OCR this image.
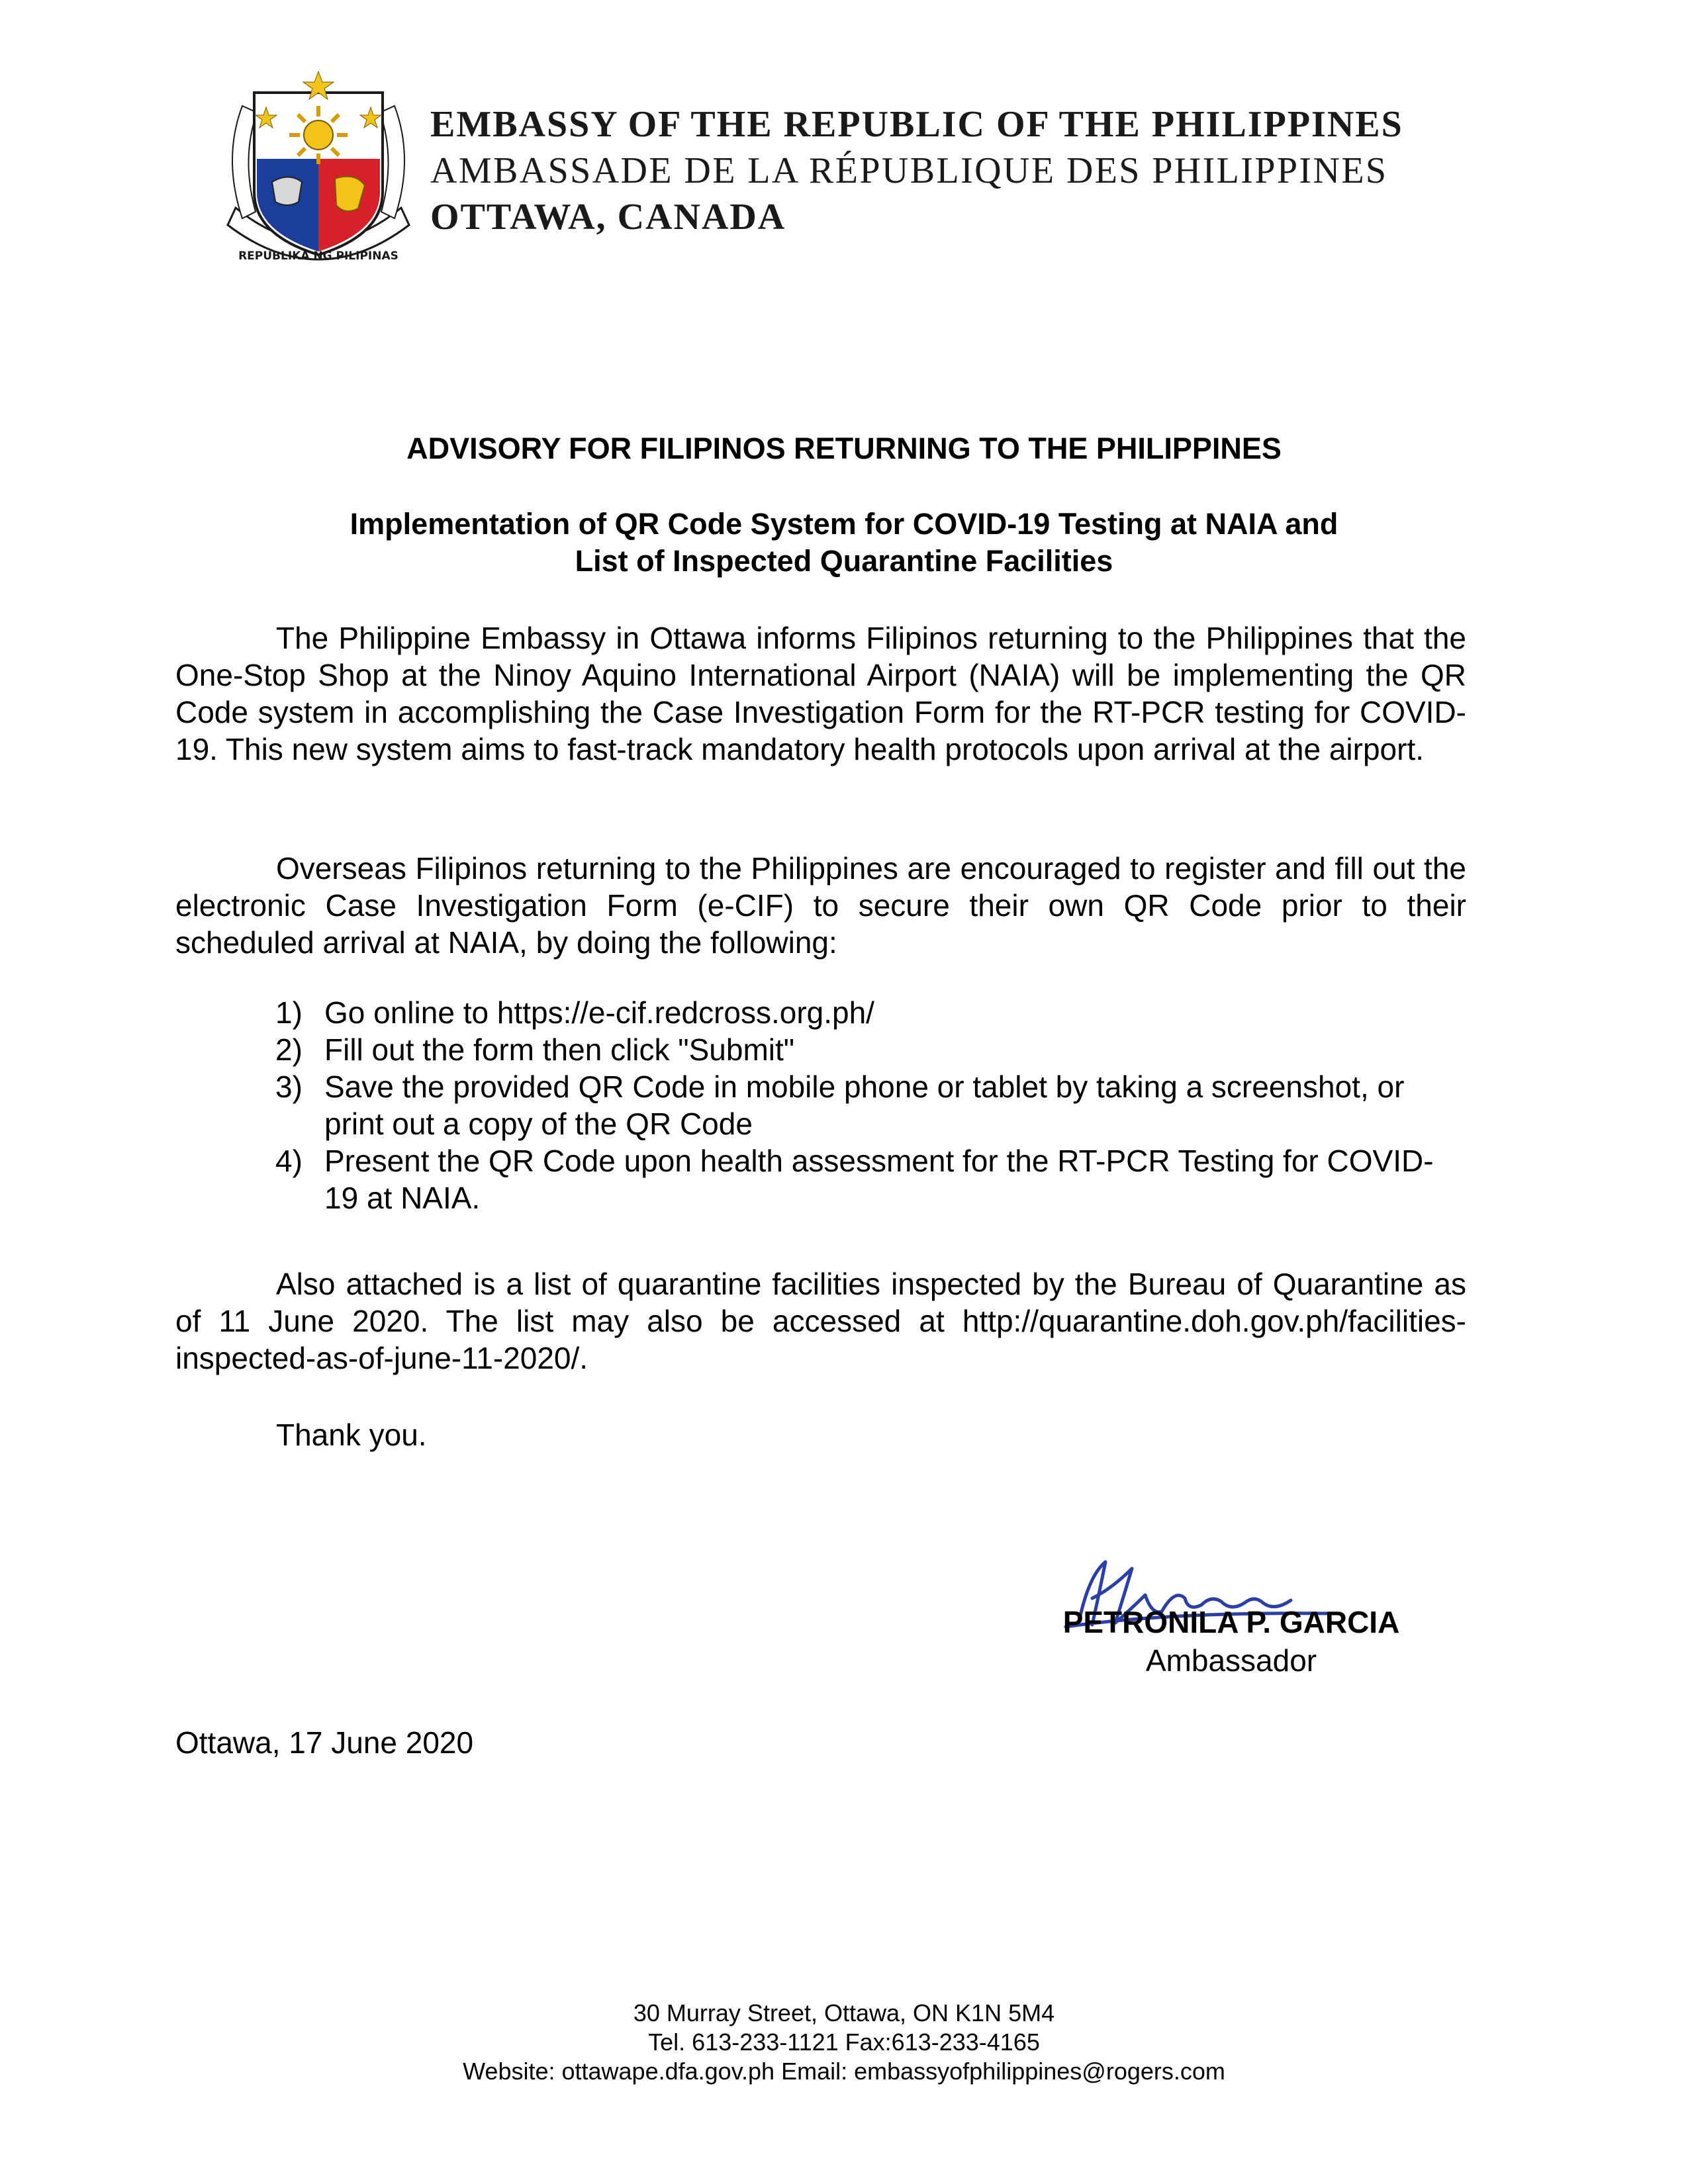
REPUBLIKA NG PILIPINAS
EMBASSY OF THE REPUBLIC OF THE PHILIPPINES
AMBASSADE DE LA RÉPUBLIQUE DES PHILIPPINES
OTTAWA, CANADA
ADVISORY FOR FILIPINOS RETURNING TO THE PHILIPPINES
Implementation of QR Code System for COVID-19 Testing at NAIA and
List of Inspected Quarantine Facilities
The Philippine Embassy in Ottawa informs Filipinos returning to the Philippines that the One-Stop Shop at the Ninoy Aquino International Airport (NAIA) will be implementing the QR Code system in accomplishing the Case Investigation Form for the RT-PCR testing for COVID-19. This new system aims to fast-track mandatory health protocols upon arrival at the airport.
Overseas Filipinos returning to the Philippines are encouraged to register and fill out the electronic Case Investigation Form (e-CIF) to secure their own QR Code prior to their scheduled arrival at NAIA, by doing the following:
1) Go online to https://e-cif.redcross.org.ph/
2) Fill out the form then click "Submit"
3) Save the provided QR Code in mobile phone or tablet by taking a screenshot, or print out a copy of the QR Code
4) Present the QR Code upon health assessment for the RT-PCR Testing for COVID-19 at NAIA.
Also attached is a list of quarantine facilities inspected by the Bureau of Quarantine as of 11 June 2020. The list may also be accessed at http://quarantine.doh.gov.ph/facilities-inspected-as-of-june-11-2020/.
Thank you.
PETRONILA P. GARCIA
Ambassador
Ottawa, 17 June 2020
30 Murray Street, Ottawa, ON K1N 5M4
Tel. 613-233-1121 Fax:613-233-4165
Website: ottawape.dfa.gov.ph Email: embassyofphilippines@rogers.com
